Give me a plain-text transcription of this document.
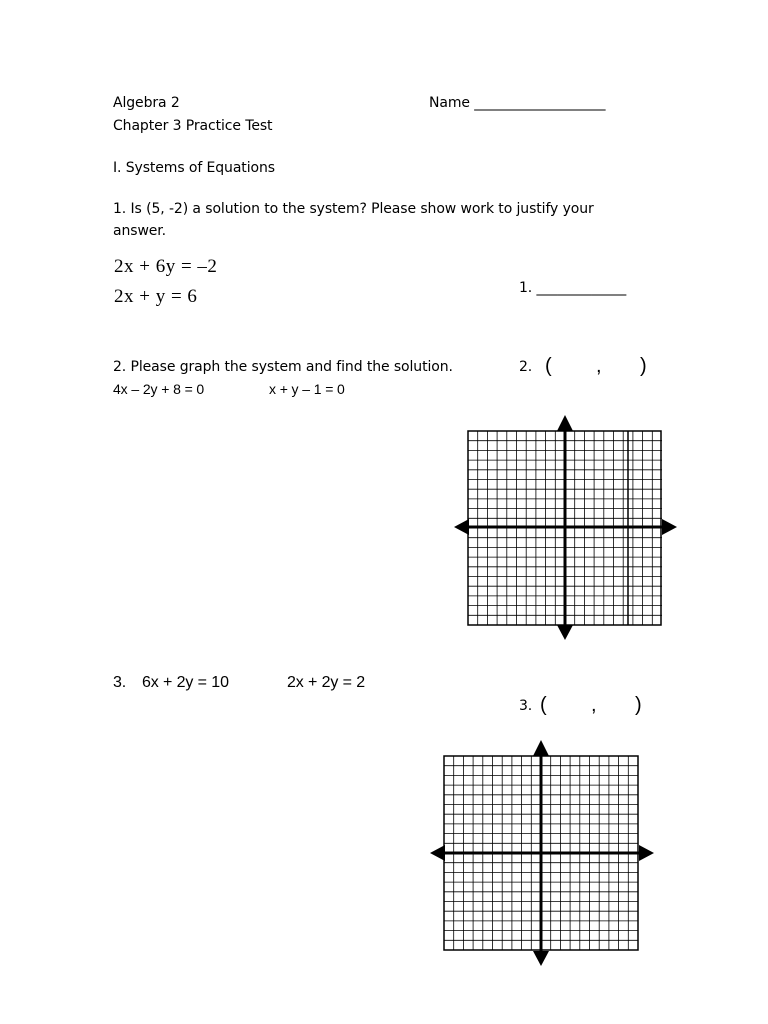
Algebra 2	Name ___________________
Chapter 3 Practice Test
I. Systems of Equations
1. Is (5, -2) a solution to the system? Please show work to justify your
answer.
2x + 6y = –2
2x + y = 6	1. _____________
2. Please graph the system and find the solution.	2. ( , )
4x – 2y + 8 = 0	x + y – 1 = 0
3. 6x + 2y = 10	2x + 2y = 2
3. ( , )
